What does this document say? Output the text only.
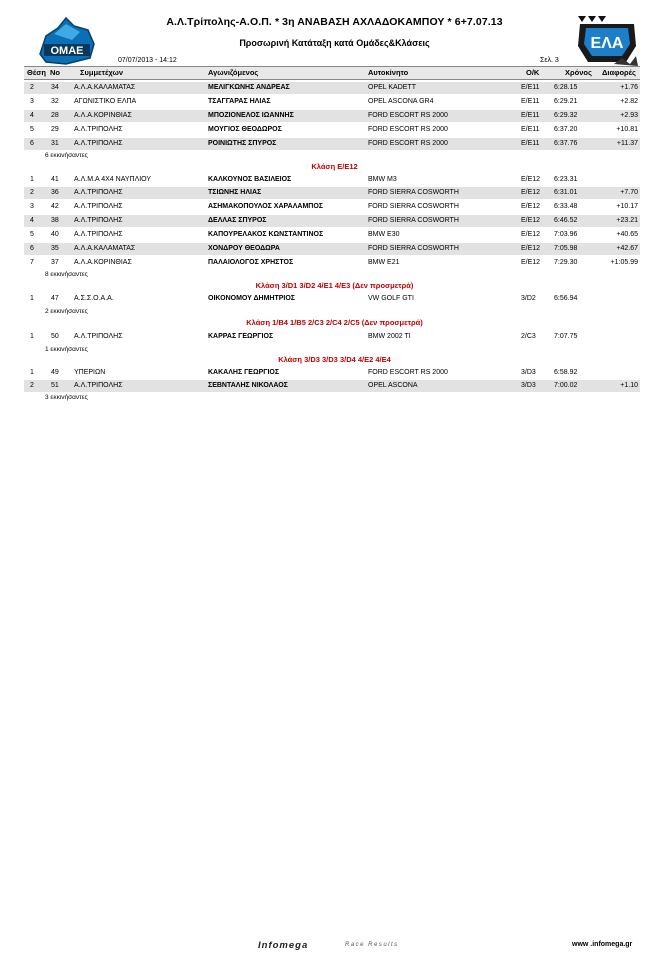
ΟΜΑΕ	ΕΛΑ
Α.Λ.Τρίπολης-Α.Ο.Π. * 3η ΑΝΑΒΑΣΗ ΑΧΛΑΔΟΚΑΜΠΟΥ * 6+7.07.13
Προσωρινή Κατάταξη κατά Ομάδες&Κλάσεις
07/07/2013 - 14:12	Σελ. 3
Θέση Νο	Συμμετέχων	Αγωνιζόμενος	Αυτοκίνητο	Ο/Κ	Χρόνος Διαφορές
2 34 Α.Λ.Α.ΚΑΛΑΜΑΤΑΣ	ΜΕΛΙΓΚΩΝΗΣ ΑΝΔΡΕΑΣ	OPEL KADETT	E/E11 6:28.15	+1.76
3 32 ΑΓΩΝΙΣΤΙΚΟ ΕΛΠΑ	ΤΣΑΓΓΑΡΑΣ ΗΛΙΑΣ	OPEL ASCONA GR4	E/E11 6:29.21	+2.82
4 28 Α.Λ.Α.ΚΟΡΙΝΘΙΑΣ	ΜΠΟΖΙΟΝΕΛΟΣ ΙΩΑΝΝΗΣ	FORD ESCORT RS 2000	E/E11 6:29.32	+2.93
5 29 Α.Λ.ΤΡΙΠΟΛΗΣ	ΜΟΥΓΙΟΣ ΘΕΟΔΩΡΟΣ	FORD ESCORT RS 2000	E/E11 6:37.20	+10.81
6 31 Α.Λ.ΤΡΙΠΟΛΗΣ	ΡΟΙΝΙΩΤΗΣ ΣΠΥΡΟΣ	FORD ESCORT RS 2000	E/E11 6:37.76	+11.37
6 εκκινήσαντες
Κλάση Ε/Ε12
1 41 Α.Λ.Μ.Α 4Χ4 ΝΑΥΠΛΙΟΥ	ΚΑΛΚΟΥΝΟΣ ΒΑΣΙΛΕΙΟΣ	BMW M3	E/E12 6:23.31
2 36 Α.Λ.ΤΡΙΠΟΛΗΣ	ΤΣΙΩΝΗΣ ΗΛΙΑΣ	FORD SIERRA COSWORTH	E/E12 6:31.01	+7.70
3 42 Α.Λ.ΤΡΙΠΟΛΗΣ	ΑΣΗΜΑΚΟΠΟΥΛΟΣ ΧΑΡΑΛΑΜΠΟΣ	FORD SIERRA COSWORTH	E/E12 6:33.48	+10.17
4 38 Α.Λ.ΤΡΙΠΟΛΗΣ	ΔΕΛΛΑΣ ΣΠΥΡΟΣ	FORD SIERRA COSWORTH	E/E12 6:46.52	+23.21
5 40 Α.Λ.ΤΡΙΠΟΛΗΣ	ΚΑΠΟΥΡΕΛΑΚΟΣ ΚΩΝΣΤΑΝΤΙΝΟΣ	BMW E30	E/E12 7:03.96	+40.65
6 35 Α.Λ.Α.ΚΑΛΑΜΑΤΑΣ	ΧΟΝΔΡΟΥ ΘΕΟΔΩΡΑ	FORD SIERRA COSWORTH	E/E12 7:05.98	+42.67
7 37 Α.Λ.Α.ΚΟΡΙΝΘΙΑΣ	ΠΑΛΑΙΟΛΟΓΟΣ ΧΡΗΣΤΟΣ	BMW E21	E/E12 7:29.30	+1:05.99
8 εκκινήσαντες
Κλάση 3/D1 3/D2 4/E1 4/E3 (Δεν προσμετρά)
1 47 Α.Σ.Σ.Ο.Α.Α.	ΟΙΚΟΝΟΜΟΥ ΔΗΜΗΤΡΙΟΣ	VW GOLF GTI	3/D2	6:56.94
2 εκκινήσαντες
Κλάση 1/B4 1/B5 2/C3 2/C4 2/C5 (Δεν προσμετρά)
1 50 Α.Λ.ΤΡΙΠΟΛΗΣ	ΚΑΡΡΑΣ ΓΕΩΡΓΙΟΣ	BMW 2002 TI	2/C3	7:07.75
1 εκκινήσαντες
Κλάση 3/D3 3/D3 3/D4 4/E2 4/E4
1 49 ΥΠΕΡΙΩΝ	ΚΑΚΑΛΗΣ ΓΕΩΡΓΙΟΣ	FORD ESCORT RS 2000	3/D3	6:58.92
2 51 Α.Λ.ΤΡΙΠΟΛΗΣ	ΣΕΒΝΤΑΛΗΣ ΝΙΚΟΛΑΟΣ	OPEL ASCONA	3/D3	7:00.02	+1.10
3 εκκινήσαντες
Infomega	Race Results	www .infomega.gr
